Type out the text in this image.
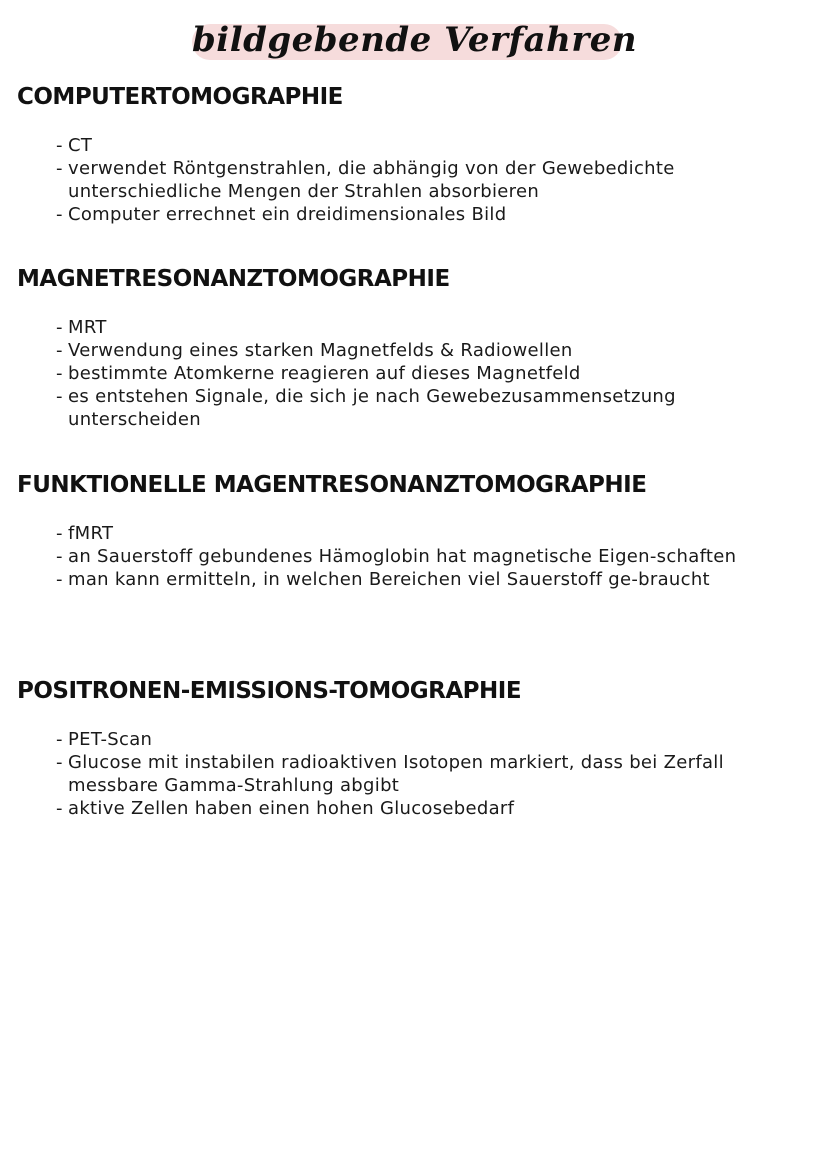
bildgebende Verfahren
COMPUTERTOMOGRAPHIE
- CT
- verwendet Röntgenstrahlen, die abhängig von der Gewebedichte unterschiedliche Mengen der Strahlen absorbieren
- Computer errechnet ein dreidimensionales Bild
MAGNETRESONANZTOMOGRAPHIE
- MRT
- Verwendung eines starken Magnetfelds & Radiowellen
- bestimmte Atomkerne reagieren auf dieses Magnetfeld
- es entstehen Signale, die sich je nach Gewebezusammensetzung unterscheiden
FUNKTIONELLE MAGENTRESONANZTOMOGRAPHIE
- fMRT
- an Sauerstoff gebundenes Hämoglobin hat magnetische Eigen-schaften
- man kann ermitteln, in welchen Bereichen viel Sauerstoff ge-braucht
POSITRONEN-EMISSIONS-TOMOGRAPHIE
- PET-Scan
- Glucose mit instabilen radioaktiven Isotopen markiert, dass bei Zerfall messbare Gamma-Strahlung abgibt
- aktive Zellen haben einen hohen Glucosebedarf
